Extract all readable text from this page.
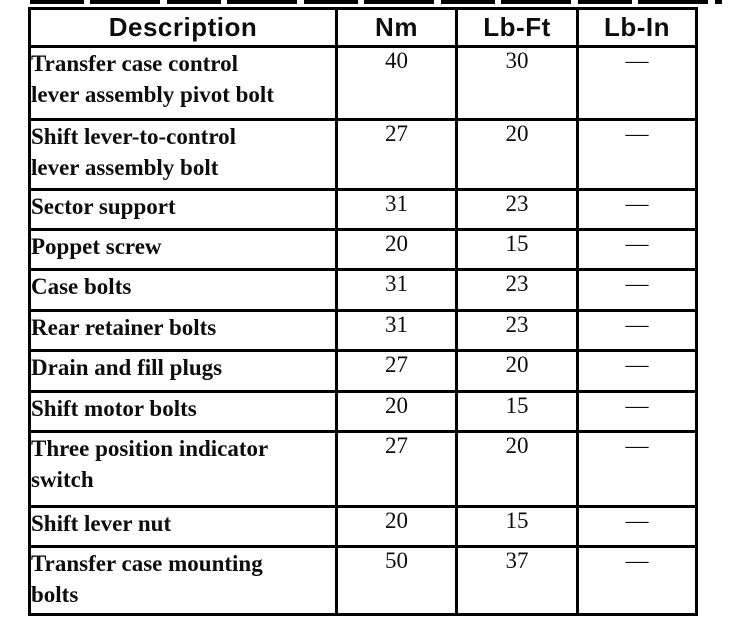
Description	Nm	Lb-Ft	Lb-In

Transfer case control lever assembly pivot bolt	40	30	—

Shift lever-to-control lever assembly bolt	27	20	—

Sector support	31	23	—

Poppet screw	20	15	—

Case bolts	31	23	—

Rear retainer bolts	31	23	—

Drain and fill plugs	27	20	—

Shift motor bolts	20	15	—

Three position indicator switch	27	20	—

Shift lever nut	20	15	—

Transfer case mounting bolts	50	37	—
